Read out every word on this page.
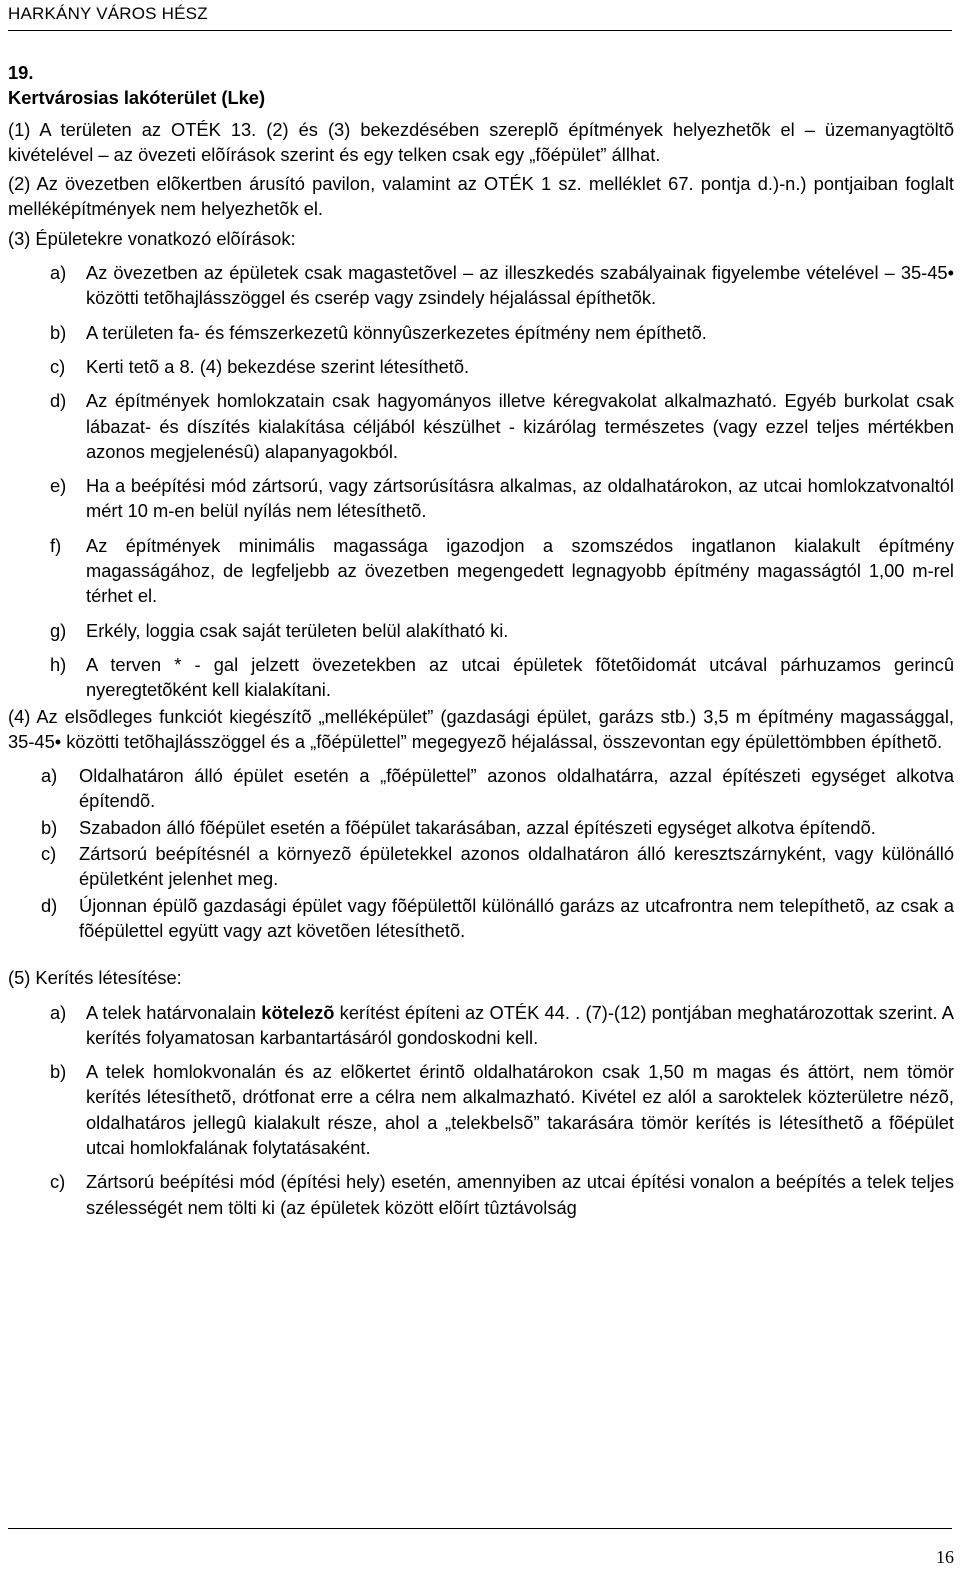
HARKÁNY VÁROS HÉSZ
19.
Kertvárosias lakóterület (Lke)

(1) A területen az OTÉK 13. (2) és (3) bekezdésében szereplõ építmények helyezhetõk el – üzemanyagtöltõ kivételével – az övezeti elõírások szerint és egy telken csak egy „fõépület” állhat.

(2) Az övezetben elõkertben árusító pavilon, valamint az OTÉK 1 sz. melléklet 67. pontja d.)-n.) pontjaiban foglalt melléképítmények nem helyezhetõk el.

(3) Épületekre vonatkozó elõírások:

a)	Az övezetben az épületek csak magastetõvel – az illeszkedés szabályainak figyelembe vételével – 35-45• közötti tetõhajlásszöggel és cserép vagy zsindely héjalással építhetõk.
b)	A területen fa- és fémszerkezetû könnyûszerkezetes építmény nem építhetõ.
c)	Kerti tetõ a 8. (4) bekezdése szerint létesíthetõ.
d)	Az építmények homlokzatain csak hagyományos illetve kéregvakolat alkalmazható. Egyéb burkolat csak lábazat- és díszítés kialakítása céljából készülhet - kizárólag természetes (vagy ezzel teljes mértékben azonos megjelenésû) alapanyagokból.
e)	Ha a beépítési mód zártsorú, vagy zártsorúsításra alkalmas, az oldalhatárokon, az utcai homlokzatvonaltól mért 10 m-en belül nyílás nem létesíthetõ.
f)	Az építmények minimális magassága igazodjon a szomszédos ingatlanon kialakult építmény magasságához, de legfeljebb az övezetben megengedett legnagyobb építmény magasságtól 1,00 m-rel térhet el.
g)	Erkély, loggia csak saját területen belül alakítható ki.
h)	A terven * - gal jelzett övezetekben az utcai épületek fõtetõidomát utcával párhuzamos gerincû nyeregtetõként kell kialakítani.

(4) Az elsõdleges funkciót kiegészítõ „melléképület” (gazdasági épület, garázs stb.) 3,5 m építmény magassággal, 35-45• közötti tetõhajlásszöggel és a „fõépülettel” megegyezõ héjalással, összevontan egy épülettömbben építhetõ.

a)	Oldalhatáron álló épület esetén a „fõépülettel” azonos oldalhatárra, azzal építészeti egységet alkotva építendõ.
b)	Szabadon álló fõépület esetén a fõépület takarásában, azzal építészeti egységet alkotva építendõ.
c)	Zártsorú beépítésnél a környezõ épületekkel azonos oldalhatáron álló keresztszárnyként, vagy különálló épületként jelenhet meg.
d)	Újonnan épülõ gazdasági épület vagy fõépülettõl különálló garázs az utcafrontra nem telepíthetõ, az csak a fõépülettel együtt vagy azt követõen létesíthetõ.

(5) Kerítés létesítése:

a)	A telek határvonalain kötelezõ kerítést építeni az OTÉK 44. . (7)-(12) pontjában meghatározottak szerint. A kerítés folyamatosan karbantartásáról gondoskodni kell.
b)	A telek homlokvonalán és az elõkertet érintõ oldalhatárokon csak 1,50 m magas és áttört, nem tömör kerítés létesíthetõ, drótfonat erre a célra nem alkalmazható. Kivétel ez alól a saroktelek közterületre nézõ, oldalhatáros jellegû kialakult része, ahol a „telekbelsõ” takarására tömör kerítés is létesíthetõ a fõépület utcai homlokfalának folytatásaként.
c)	Zártsorú beépítési mód (építési hely) esetén, amennyiben az utcai építési vonalon a beépítés a telek teljes szélességét nem tölti ki (az épületek között elõírt tûztávolság
16
